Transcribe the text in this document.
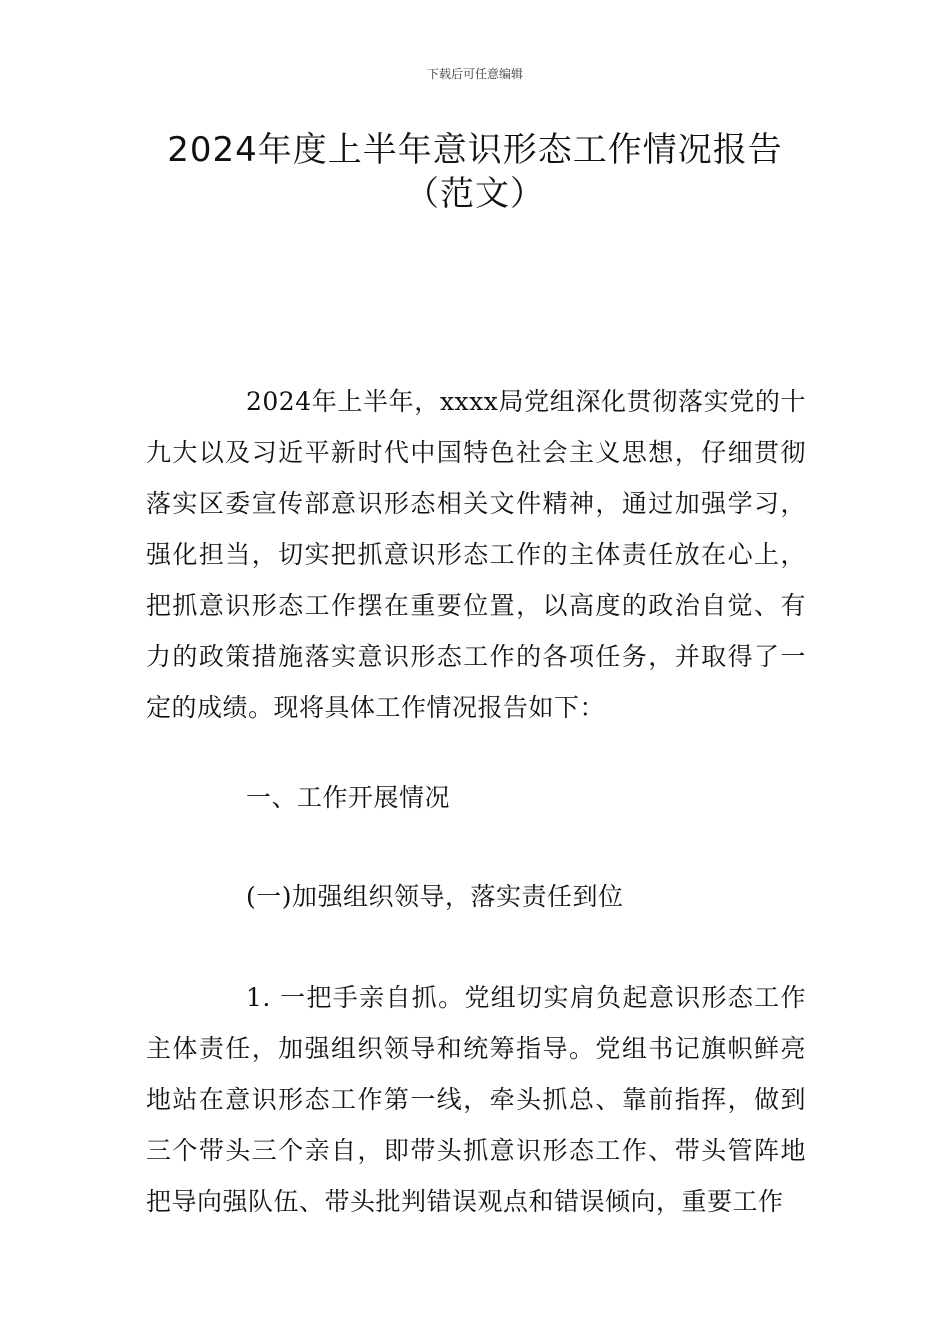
下载后可任意编辑
2024年度上半年意识形态工作情况报告
（范文）

2024年上半年，xxxx局党组深化贯彻落实党的十九大以及习近平新时代中国特色社会主义思想，仔细贯彻落实区委宣传部意识形态相关文件精神，通过加强学习，强化担当，切实把抓意识形态工作的主体责任放在心上，把抓意识形态工作摆在重要位置，以高度的政治自觉、有力的政策措施落实意识形态工作的各项任务，并取得了一定的成绩。现将具体工作情况报告如下：

一、工作开展情况

(一)加强组织领导，落实责任到位

1. 一把手亲自抓。党组切实肩负起意识形态工作主体责任，加强组织领导和统筹指导。党组书记旗帜鲜亮地站在意识形态工作第一线，牵头抓总、靠前指挥，做到三个带头三个亲自，即带头抓意识形态工作、带头管阵地把导向强队伍、带头批判错误观点和错误倾向，重要工作
